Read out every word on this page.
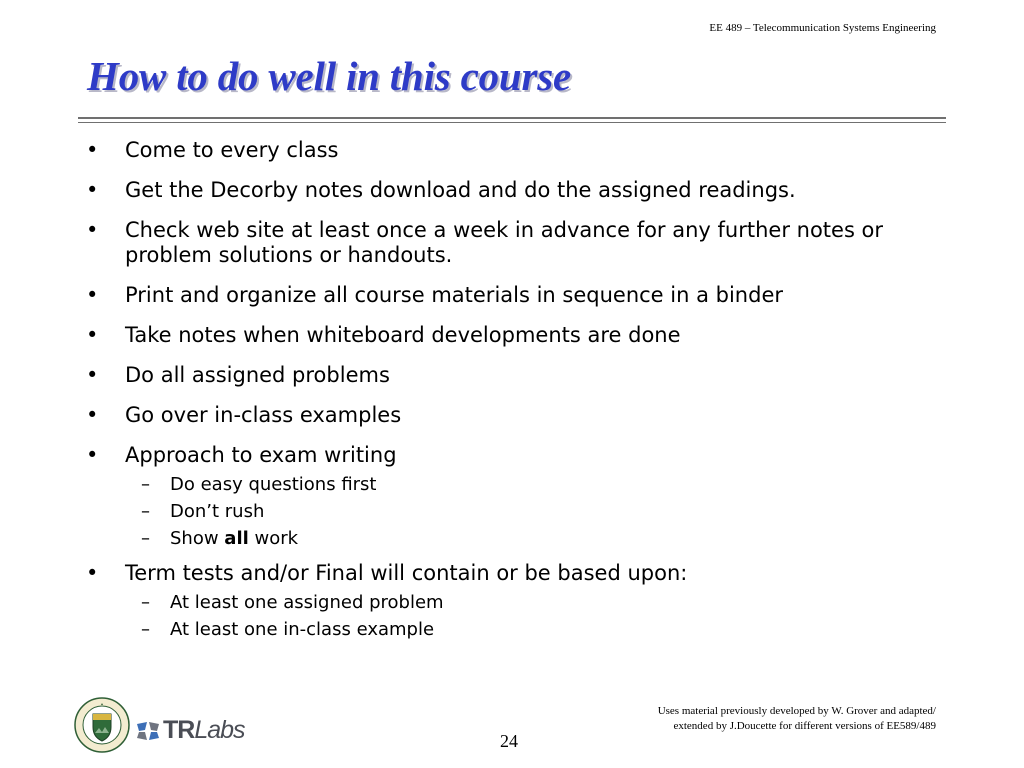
EE 489 – Telecommunication Systems Engineering
How to do well in this course
• Come to every class
• Get the Decorby notes download and do the assigned readings.
• Check web site at least once a week in advance for any further notes or problem solutions or handouts.
• Print and organize all course materials in sequence in a binder
• Take notes when whiteboard developments are done
• Do all assigned problems
• Go over in-class examples
• Approach to exam writing
– Do easy questions first
– Don’t rush
– Show all work
• Term tests and/or Final will contain or be based upon:
– At least one assigned problem
– At least one in-class example
TRLabs
Uses material previously developed by W. Grover and adapted/
extended by J.Doucette for different versions of EE589/489
24
